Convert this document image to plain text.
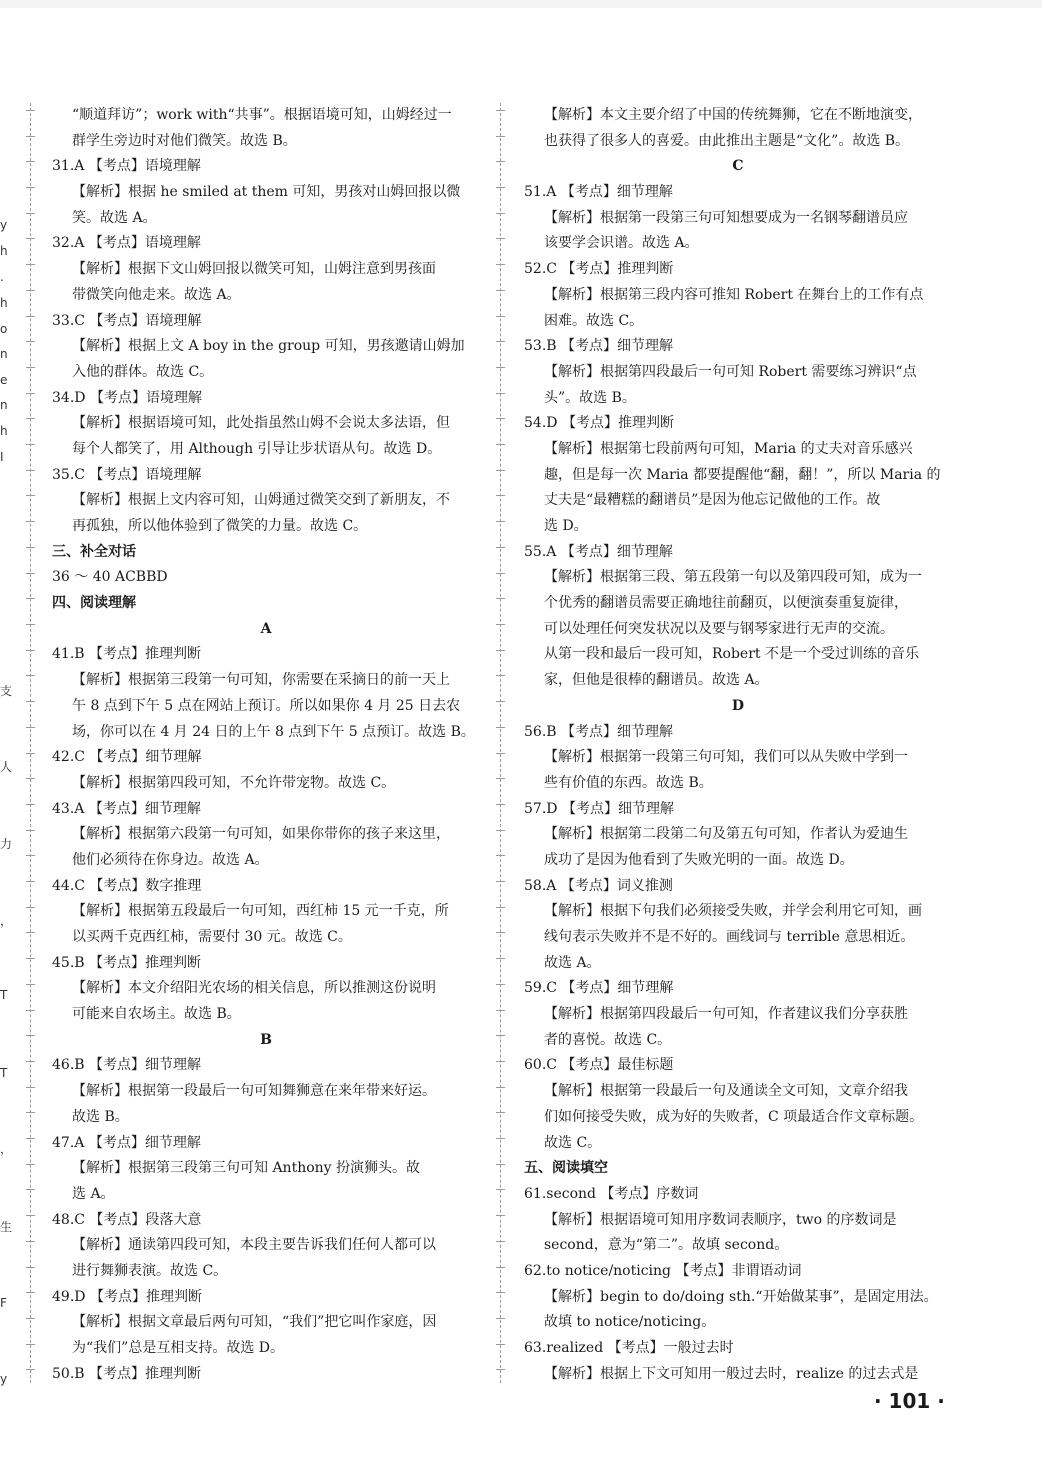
y
h
.
h
o
n
e
n
h
I
支
人
力
，
T
T
，
生
F
y
“顺道拜访”；work with“共事”。根据语境可知，山姆经过一
群学生旁边时对他们微笑。故选 B。
31.A 【考点】语境理解
【解析】根据 he smiled at them 可知，男孩对山姆回报以微
笑。故选 A。
32.A 【考点】语境理解
【解析】根据下文山姆回报以微笑可知，山姆注意到男孩面
带微笑向他走来。故选 A。
33.C 【考点】语境理解
【解析】根据上文 A boy in the group 可知，男孩邀请山姆加
入他的群体。故选 C。
34.D 【考点】语境理解
【解析】根据语境可知，此处指虽然山姆不会说太多法语，但
每个人都笑了，用 Although 引导让步状语从句。故选 D。
35.C 【考点】语境理解
【解析】根据上文内容可知，山姆通过微笑交到了新朋友，不
再孤独，所以他体验到了微笑的力量。故选 C。
三、补全对话
36 ～ 40 ACBBD
四、阅读理解
A
41.B 【考点】推理判断
【解析】根据第三段第一句可知，你需要在采摘日的前一天上
午 8 点到下午 5 点在网站上预订。所以如果你 4 月 25 日去农
场，你可以在 4 月 24 日的上午 8 点到下午 5 点预订。故选 B。
42.C 【考点】细节理解
【解析】根据第四段可知，不允许带宠物。故选 C。
43.A 【考点】细节理解
【解析】根据第六段第一句可知，如果你带你的孩子来这里，
他们必须待在你身边。故选 A。
44.C 【考点】数字推理
【解析】根据第五段最后一句可知，西红柿 15 元一千克，所
以买两千克西红柿，需要付 30 元。故选 C。
45.B 【考点】推理判断
【解析】本文介绍阳光农场的相关信息，所以推测这份说明
可能来自农场主。故选 B。
B
46.B 【考点】细节理解
【解析】根据第一段最后一句可知舞狮意在来年带来好运。
故选 B。
47.A 【考点】细节理解
【解析】根据第三段第三句可知 Anthony 扮演狮头。故
选 A。
48.C 【考点】段落大意
【解析】通读第四段可知，本段主要告诉我们任何人都可以
进行舞狮表演。故选 C。
49.D 【考点】推理判断
【解析】根据文章最后两句可知，“我们”把它叫作家庭，因
为“我们”总是互相支持。故选 D。
50.B 【考点】推理判断
【解析】本文主要介绍了中国的传统舞狮，它在不断地演变，
也获得了很多人的喜爱。由此推出主题是“文化”。故选 B。
C
51.A 【考点】细节理解
【解析】根据第一段第三句可知想要成为一名钢琴翻谱员应
该要学会识谱。故选 A。
52.C 【考点】推理判断
【解析】根据第三段内容可推知 Robert 在舞台上的工作有点
困难。故选 C。
53.B 【考点】细节理解
【解析】根据第四段最后一句可知 Robert 需要练习辨识“点
头”。故选 B。
54.D 【考点】推理判断
【解析】根据第七段前两句可知，Maria 的丈夫对音乐感兴
趣，但是每一次 Maria 都要提醒他“翻，翻！”，所以 Maria 的
丈夫是“最糟糕的翻谱员”是因为他忘记做他的工作。故
选 D。
55.A 【考点】细节理解
【解析】根据第三段、第五段第一句以及第四段可知，成为一
个优秀的翻谱员需要正确地往前翻页，以便演奏重复旋律，
可以处理任何突发状况以及要与钢琴家进行无声的交流。
从第一段和最后一段可知，Robert 不是一个受过训练的音乐
家，但他是很棒的翻谱员。故选 A。
D
56.B 【考点】细节理解
【解析】根据第一段第三句可知，我们可以从失败中学到一
些有价值的东西。故选 B。
57.D 【考点】细节理解
【解析】根据第二段第二句及第五句可知，作者认为爱迪生
成功了是因为他看到了失败光明的一面。故选 D。
58.A 【考点】词义推测
【解析】根据下句我们必须接受失败，并学会利用它可知，画
线句表示失败并不是不好的。画线词与 terrible 意思相近。
故选 A。
59.C 【考点】细节理解
【解析】根据第四段最后一句可知，作者建议我们分享获胜
者的喜悦。故选 C。
60.C 【考点】最佳标题
【解析】根据第一段最后一句及通读全文可知，文章介绍我
们如何接受失败，成为好的失败者，C 项最适合作文章标题。
故选 C。
五、阅读填空
61.second 【考点】序数词
【解析】根据语境可知用序数词表顺序，two 的序数词是
second，意为“第二”。故填 second。
62.to notice/noticing 【考点】非谓语动词
【解析】begin to do/doing sth.“开始做某事”，是固定用法。
故填 to notice/noticing。
63.realized 【考点】一般过去时
【解析】根据上下文可知用一般过去时，realize 的过去式是
· 101 ·
